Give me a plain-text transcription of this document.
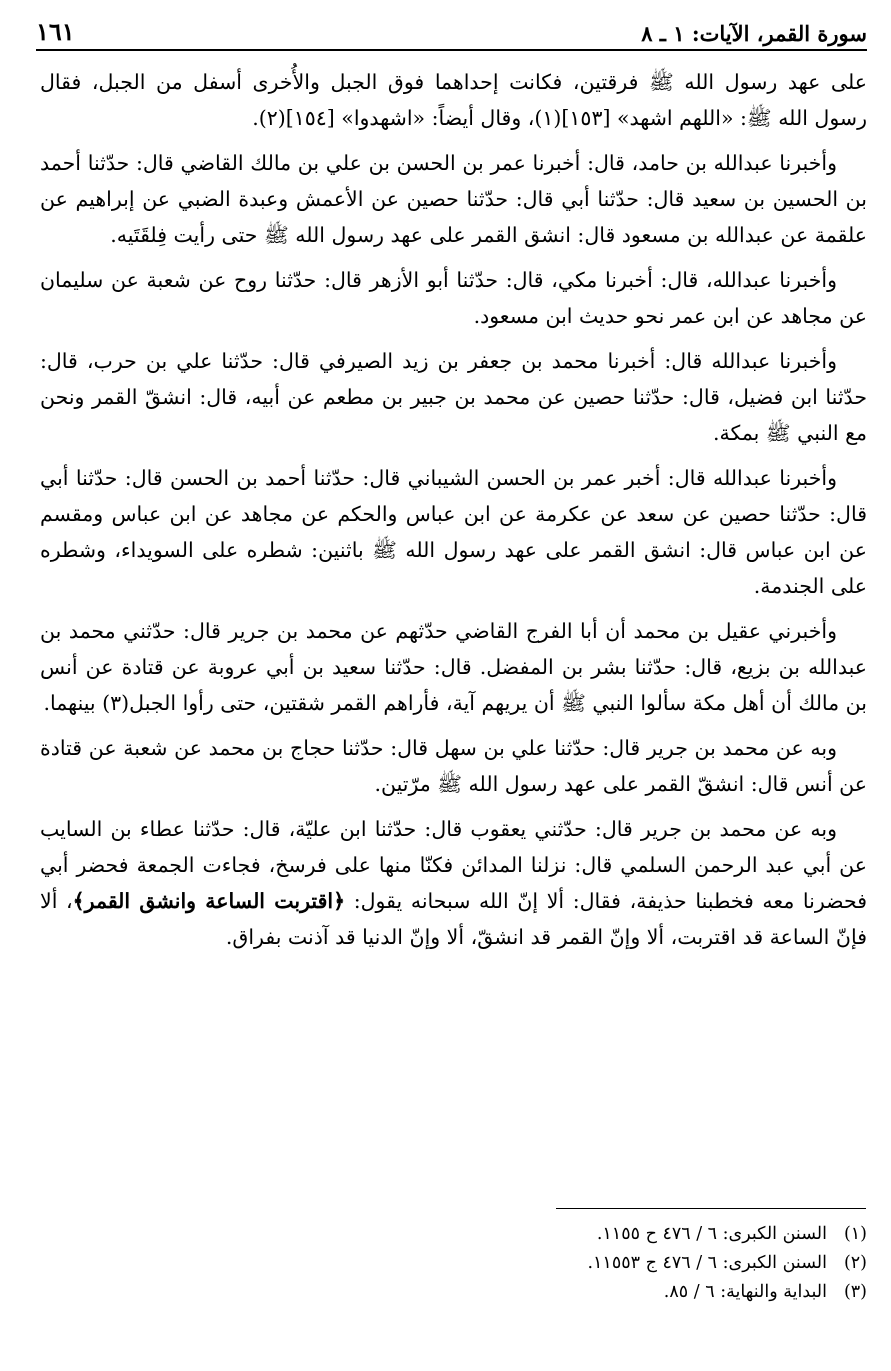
سورة القمر، الآيات: ١ ـ ٨
١٦١

على عهد رسول الله ﷺ فرقتين، فكانت إحداهما فوق الجبل والأُخرى أسفل من الجبل، فقال رسول الله ﷺ: «اللهم اشهد» [١٥٣](١)، وقال أيضاً: «اشهدوا» [١٥٤](٢).

وأخبرنا عبدالله بن حامد، قال: أخبرنا عمر بن الحسن بن علي بن مالك القاضي قال: حدّثنا أحمد بن الحسين بن سعيد قال: حدّثنا أبي قال: حدّثنا حصين عن الأعمش وعبدة الضبي عن إبراهيم عن علقمة عن عبدالله بن مسعود قال: انشق القمر على عهد رسول الله ﷺ حتى رأيت فِلقَتَيه.

وأخبرنا عبدالله، قال: أخبرنا مكي، قال: حدّثنا أبو الأزهر قال: حدّثنا روح عن شعبة عن سليمان عن مجاهد عن ابن عمر نحو حديث ابن مسعود.

وأخبرنا عبدالله قال: أخبرنا محمد بن جعفر بن زيد الصيرفي قال: حدّثنا علي بن حرب، قال: حدّثنا ابن فضيل، قال: حدّثنا حصين عن محمد بن جبير بن مطعم عن أبيه، قال: انشقّ القمر ونحن مع النبي ﷺ بمكة.

وأخبرنا عبدالله قال: أخبر عمر بن الحسن الشيباني قال: حدّثنا أحمد بن الحسن قال: حدّثنا أبي قال: حدّثنا حصين عن سعد عن عكرمة عن ابن عباس والحكم عن مجاهد عن ابن عباس ومقسم عن ابن عباس قال: انشق القمر على عهد رسول الله ﷺ باثنين: شطره على السويداء، وشطره على الجندمة.

وأخبرني عقيل بن محمد أن أبا الفرج القاضي حدّثهم عن محمد بن جرير قال: حدّثني محمد بن عبدالله بن بزيع، قال: حدّثنا بشر بن المفضل. قال: حدّثنا سعيد بن أبي عروبة عن قتادة عن أنس بن مالك أن أهل مكة سألوا النبي ﷺ أن يريهم آية، فأراهم القمر شقتين، حتى رأوا الجبل(٣) بينهما.

وبه عن محمد بن جرير قال: حدّثنا علي بن سهل قال: حدّثنا حجاج بن محمد عن شعبة عن قتادة عن أنس قال: انشقّ القمر على عهد رسول الله ﷺ مرّتين.

وبه عن محمد بن جرير قال: حدّثني يعقوب قال: حدّثنا ابن عليّة، قال: حدّثنا عطاء بن السايب عن أبي عبد الرحمن السلمي قال: نزلنا المدائن فكنّا منها على فرسخ، فجاءت الجمعة فحضر أبي فحضرنا معه فخطبنا حذيفة، فقال: ألا إنّ الله سبحانه يقول: ﴿اقتربت الساعة وانشق القمر﴾، ألا فإنّ الساعة قد اقتربت، ألا وإنّ القمر قد انشقّ، ألا وإنّ الدنيا قد آذنت بفراق.

(١)
السنن الكبرى: ٦ / ٤٧٦ ح ١١٥٥.
(٢)
السنن الكبرى: ٦ / ٤٧٦ ج ١١٥٥٣.
(٣)
البداية والنهاية: ٦ / ٨٥.
